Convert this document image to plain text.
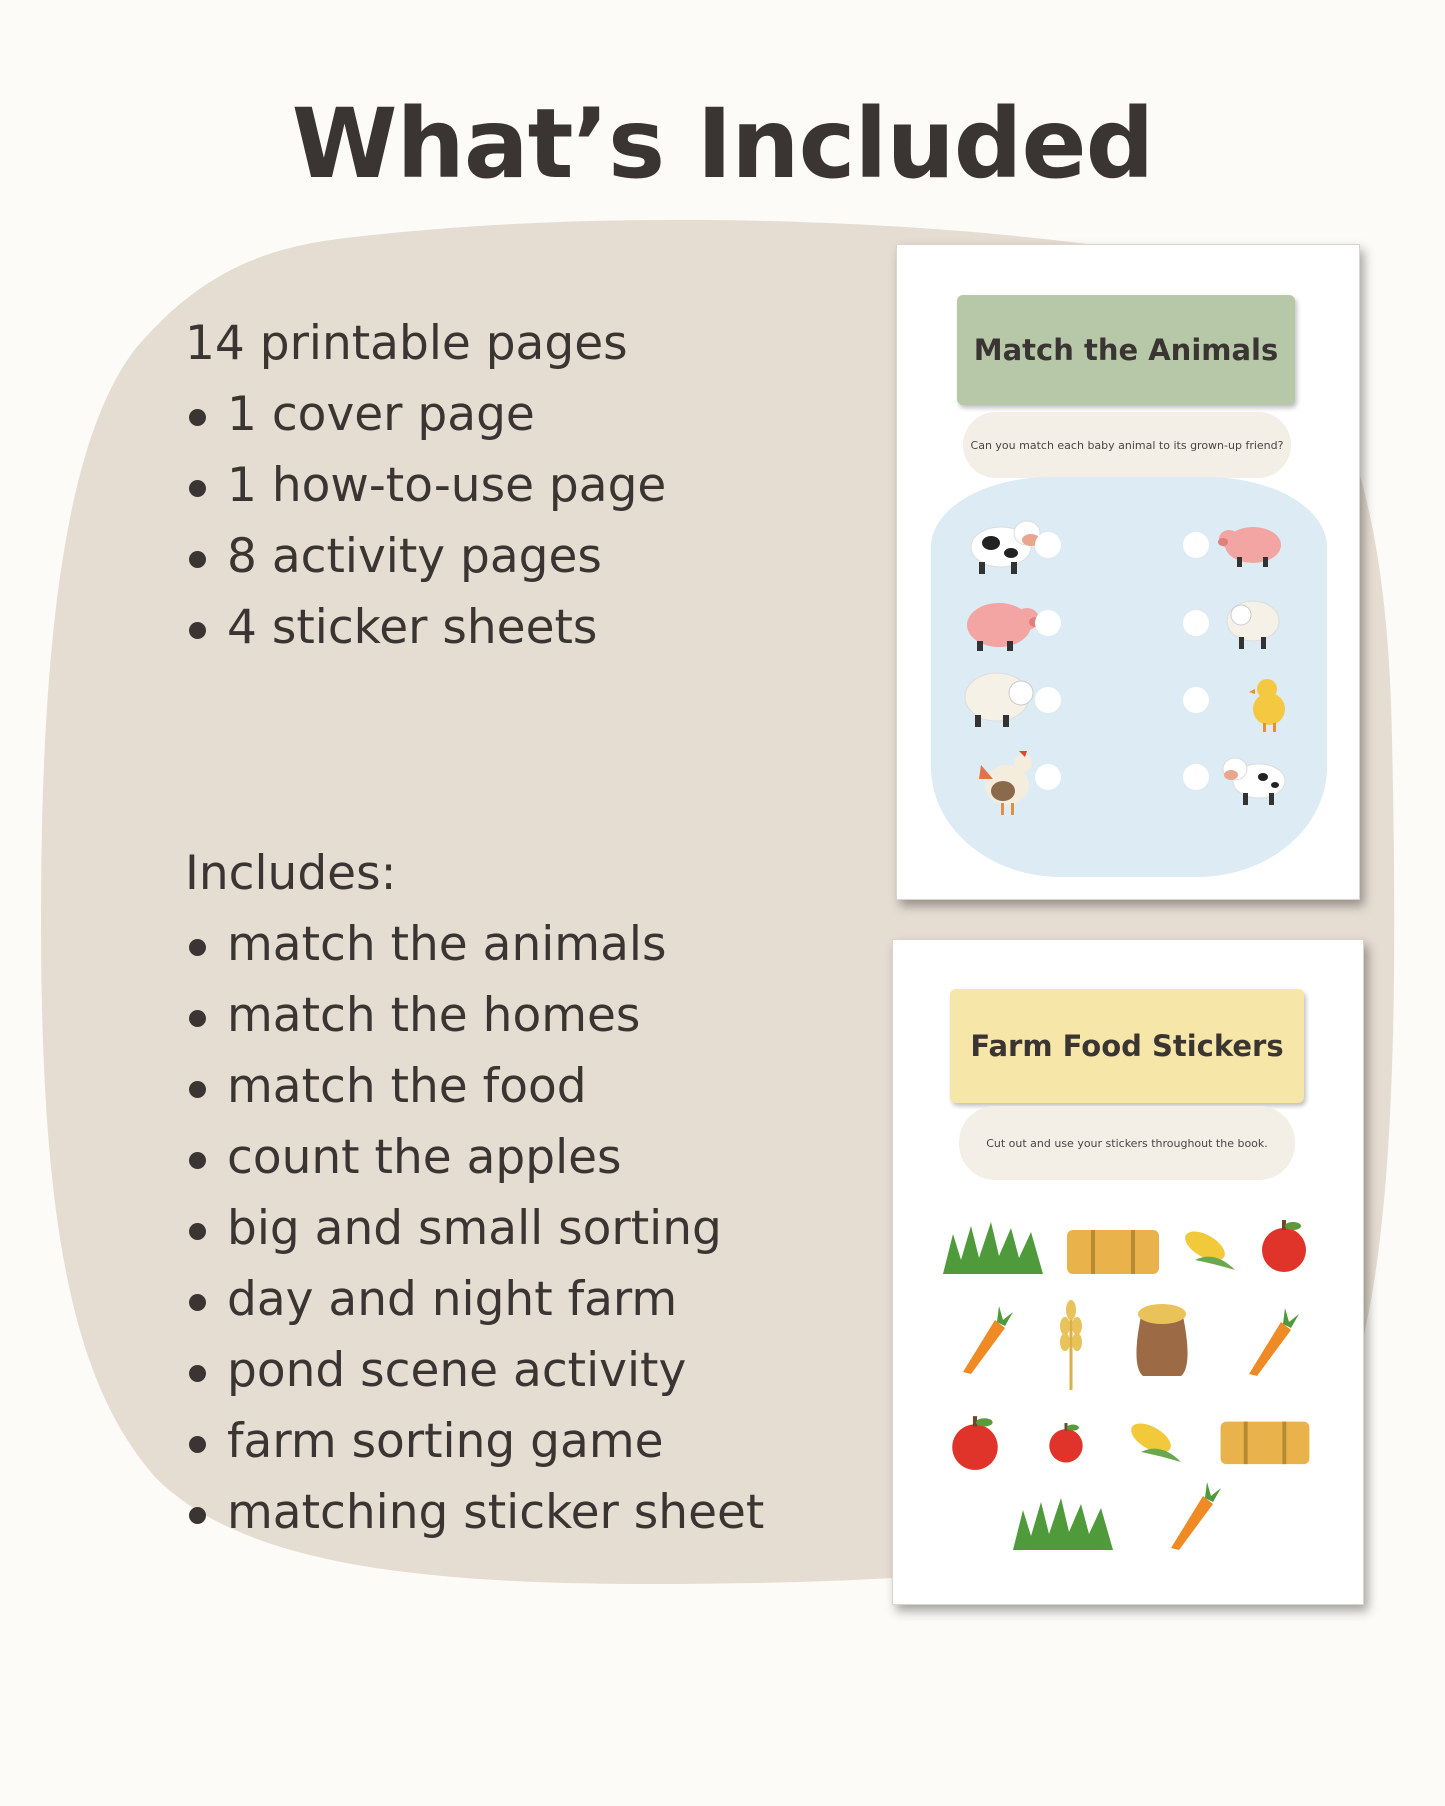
What’s Included
14 printable pages
1 cover page
1 how-to-use page
8 activity pages
4 sticker sheets
Includes:
match the animals
match the homes
match the food
count the apples
big and small sorting
day and night farm
pond scene activity
farm sorting game
matching sticker sheet
Match the Animals
Can you match each baby animal to its grown-up friend?
Farm Food Stickers
Cut out and use your stickers throughout the book.
